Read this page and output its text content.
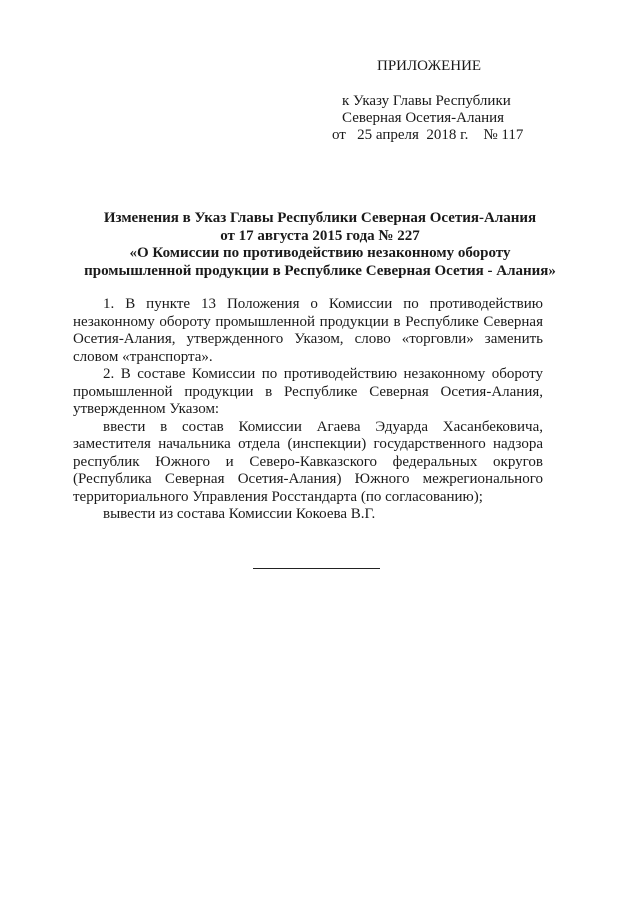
ПРИЛОЖЕНИЕ
к Указу Главы Республики
Северная Осетия-Алания
от   25 апреля  2018 г.    № 117
Изменения в Указ Главы Республики Северная Осетия-Алания
от 17 августа 2015 года № 227
«О Комиссии по противодействию незаконному обороту
промышленной продукции в Республике Северная Осетия - Алания»

1. В пункте 13 Положения о Комиссии по противодействию незаконному обороту промышленной продукции в Республике Северная Осетия-Алания, утвержденного Указом, слово «торговли» заменить словом «транспорта».

2. В составе Комиссии по противодействию незаконному обороту промышленной продукции в Республике Северная Осетия-Алания, утвержденном Указом:

ввести в состав Комиссии Агаева Эдуарда Хасанбековича, заместителя начальника отдела (инспекции) государственного надзора республик Южного и Северо-Кавказского федеральных округов (Республика Северная Осетия-Алания) Южного межрегионального территориального Управления Росстандарта (по согласованию);

вывести из состава Комиссии Кокоева В.Г.
